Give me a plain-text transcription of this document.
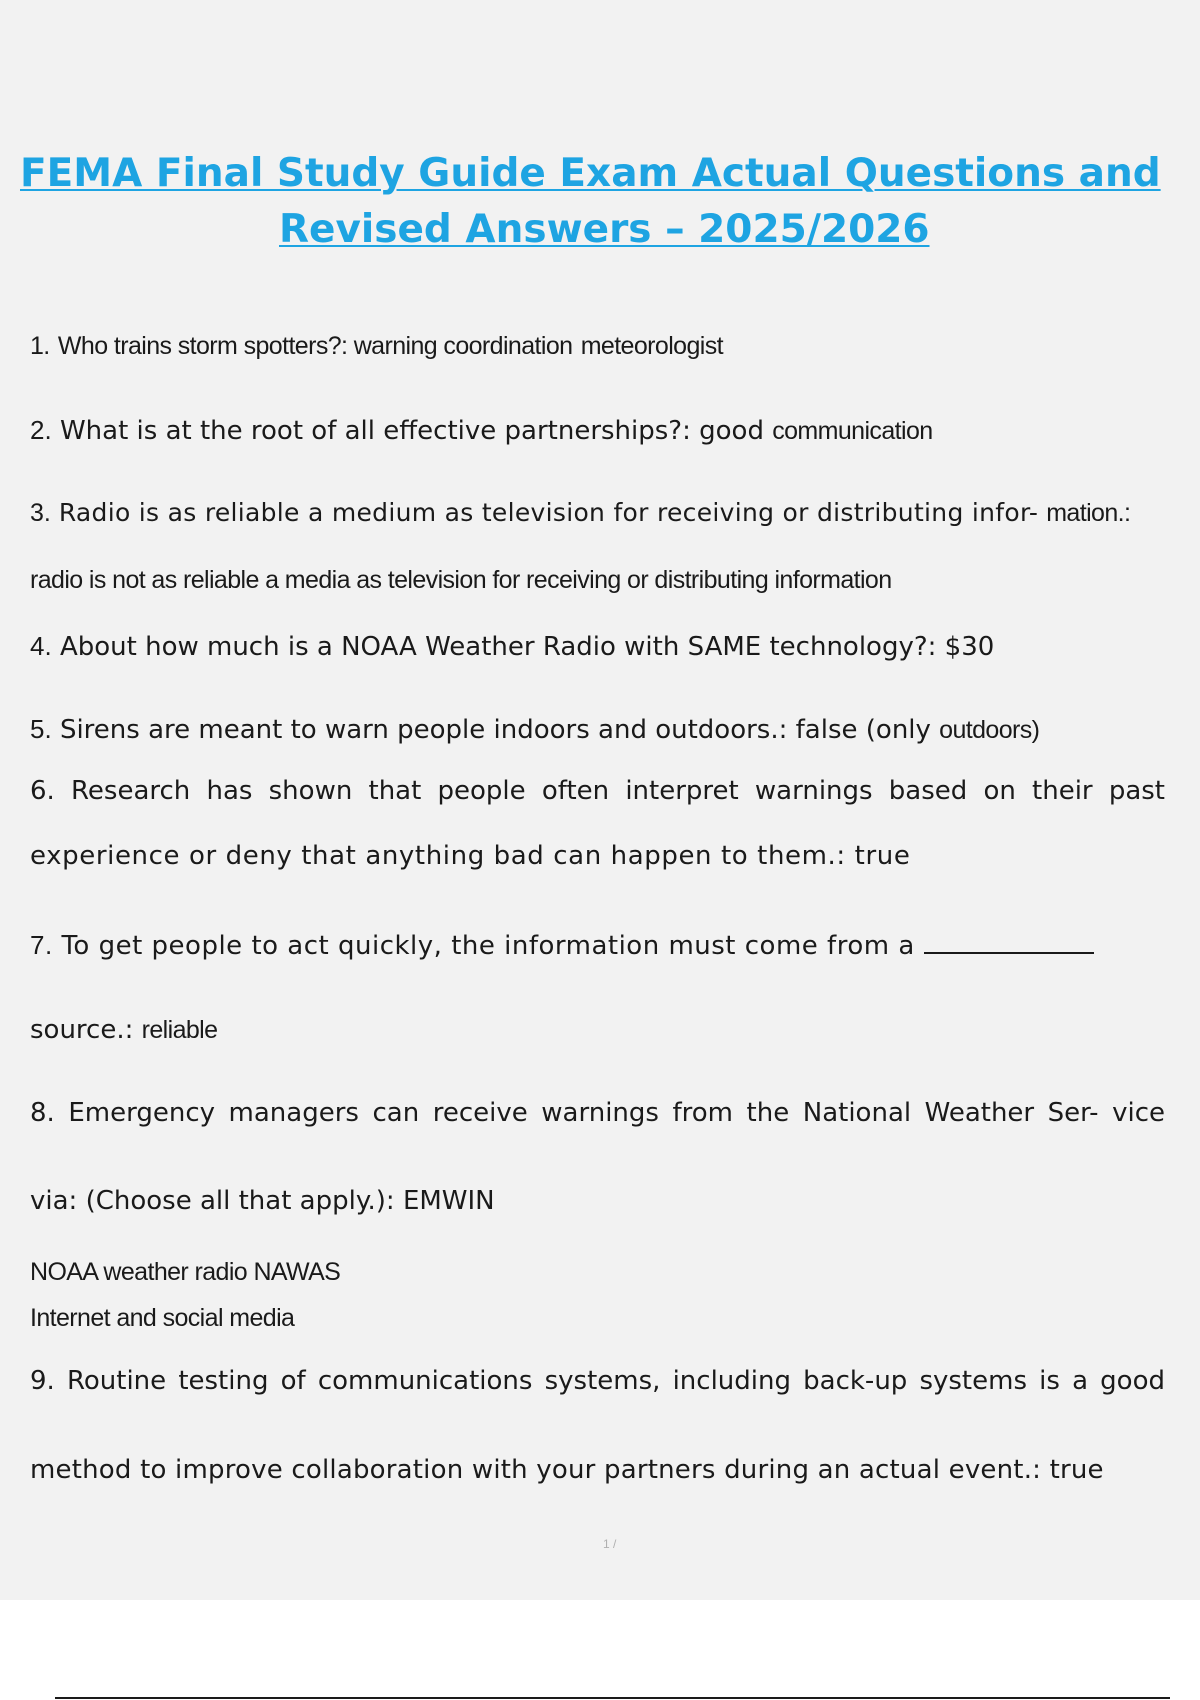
FEMA Final Study Guide Exam Actual Questions and
Revised Answers – 2025/2026
1. Who trains storm spotters?: warning coordination meteorologist
2. What is at the root of all effective partnerships?: good communication
3. Radio is as reliable a medium as television for receiving or distributing infor- mation.:
radio is not as reliable a media as television for receiving or distributing information
4. About how much is a NOAA Weather Radio with SAME technology?: $30
5. Sirens are meant to warn people indoors and outdoors.: false (only outdoors)
6. Research has shown that people often interpret warnings based on their past
experience or deny that anything bad can happen to them.: true
7. To get people to act quickly, the information must come from a
source.: reliable
8. Emergency managers can receive warnings from the National Weather Ser- vice
via: (Choose all that apply.): EMWIN
NOAA weather radio NAWAS
Internet and social media
9. Routine testing of communications systems, including back-up systems is a good
method to improve collaboration with your partners during an actual event.: true
1 /
